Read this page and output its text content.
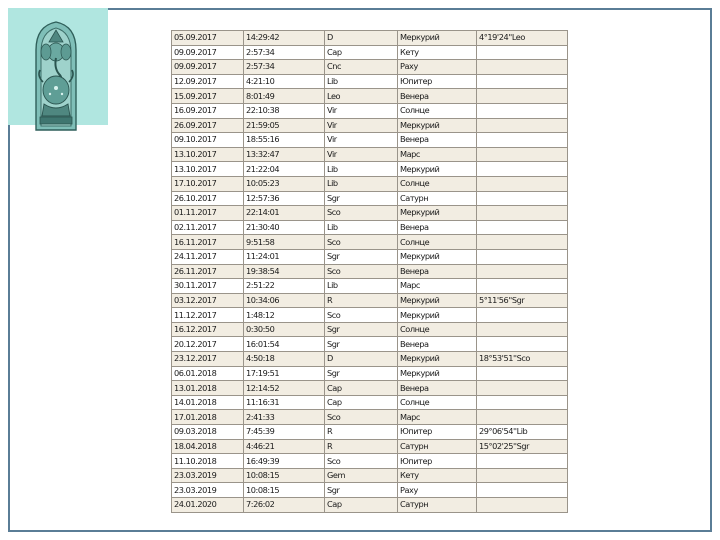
05.09.2017	14:29:42	D	Меркурий	4°19'24''Leo
09.09.2017	2:57:34	Cap	Кету	
09.09.2017	2:57:34	Cnc	Раху	
12.09.2017	4:21:10	Lib	Юпитер	
15.09.2017	8:01:49	Leo	Венера	
16.09.2017	22:10:38	Vir	Солнце	
26.09.2017	21:59:05	Vir	Меркурий	
09.10.2017	18:55:16	Vir	Венера	
13.10.2017	13:32:47	Vir	Марс	
13.10.2017	21:22:04	Lib	Меркурий	
17.10.2017	10:05:23	Lib	Солнце	
26.10.2017	12:57:36	Sgr	Сатурн	
01.11.2017	22:14:01	Sco	Меркурий	
02.11.2017	21:30:40	Lib	Венера	
16.11.2017	9:51:58	Sco	Солнце	
24.11.2017	11:24:01	Sgr	Меркурий	
26.11.2017	19:38:54	Sco	Венера	
30.11.2017	2:51:22	Lib	Марс	
03.12.2017	10:34:06	R	Меркурий	5°11'56''Sgr
11.12.2017	1:48:12	Sco	Меркурий	
16.12.2017	0:30:50	Sgr	Солнце	
20.12.2017	16:01:54	Sgr	Венера	
23.12.2017	4:50:18	D	Меркурий	18°53'51''Sco
06.01.2018	17:19:51	Sgr	Меркурий	
13.01.2018	12:14:52	Cap	Венера	
14.01.2018	11:16:31	Cap	Солнце	
17.01.2018	2:41:33	Sco	Марс	
09.03.2018	7:45:39	R	Юпитер	29°06'54''Lib
18.04.2018	4:46:21	R	Сатурн	15°02'25''Sgr
11.10.2018	16:49:39	Sco	Юпитер	
23.03.2019	10:08:15	Gem	Кету	
23.03.2019	10:08:15	Sgr	Раху	
24.01.2020	7:26:02	Cap	Сатурн	
